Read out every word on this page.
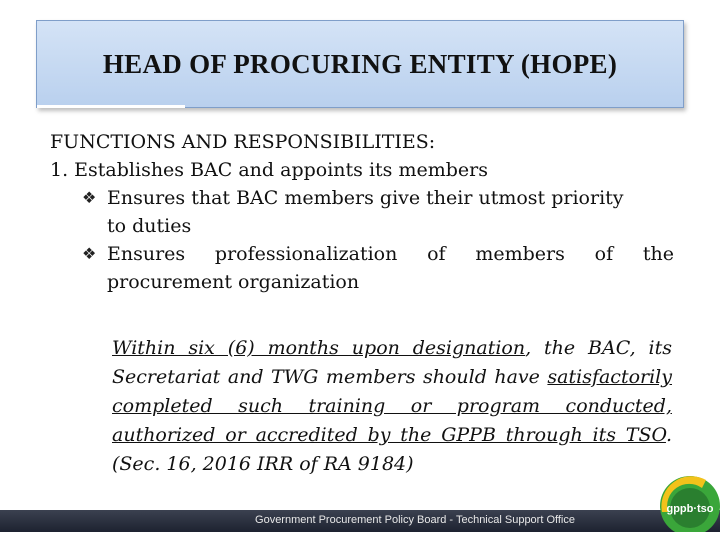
HEAD OF PROCURING ENTITY (HOPE)
FUNCTIONS AND RESPONSIBILITIES:
1. Establishes BAC and appoints its members
❖ Ensures that BAC members give their utmost priority
to duties
❖ Ensures professionalization of members of the
procurement organization
Within six (6) months upon designation, the BAC, its
Secretariat and TWG members should have satisfactorily
completed such training or program conducted,
authorized or accredited by the GPPB through its TSO.
(Sec. 16, 2016 IRR of RA 9184)
Government Procurement Policy Board - Technical Support Office
gppb·tso
